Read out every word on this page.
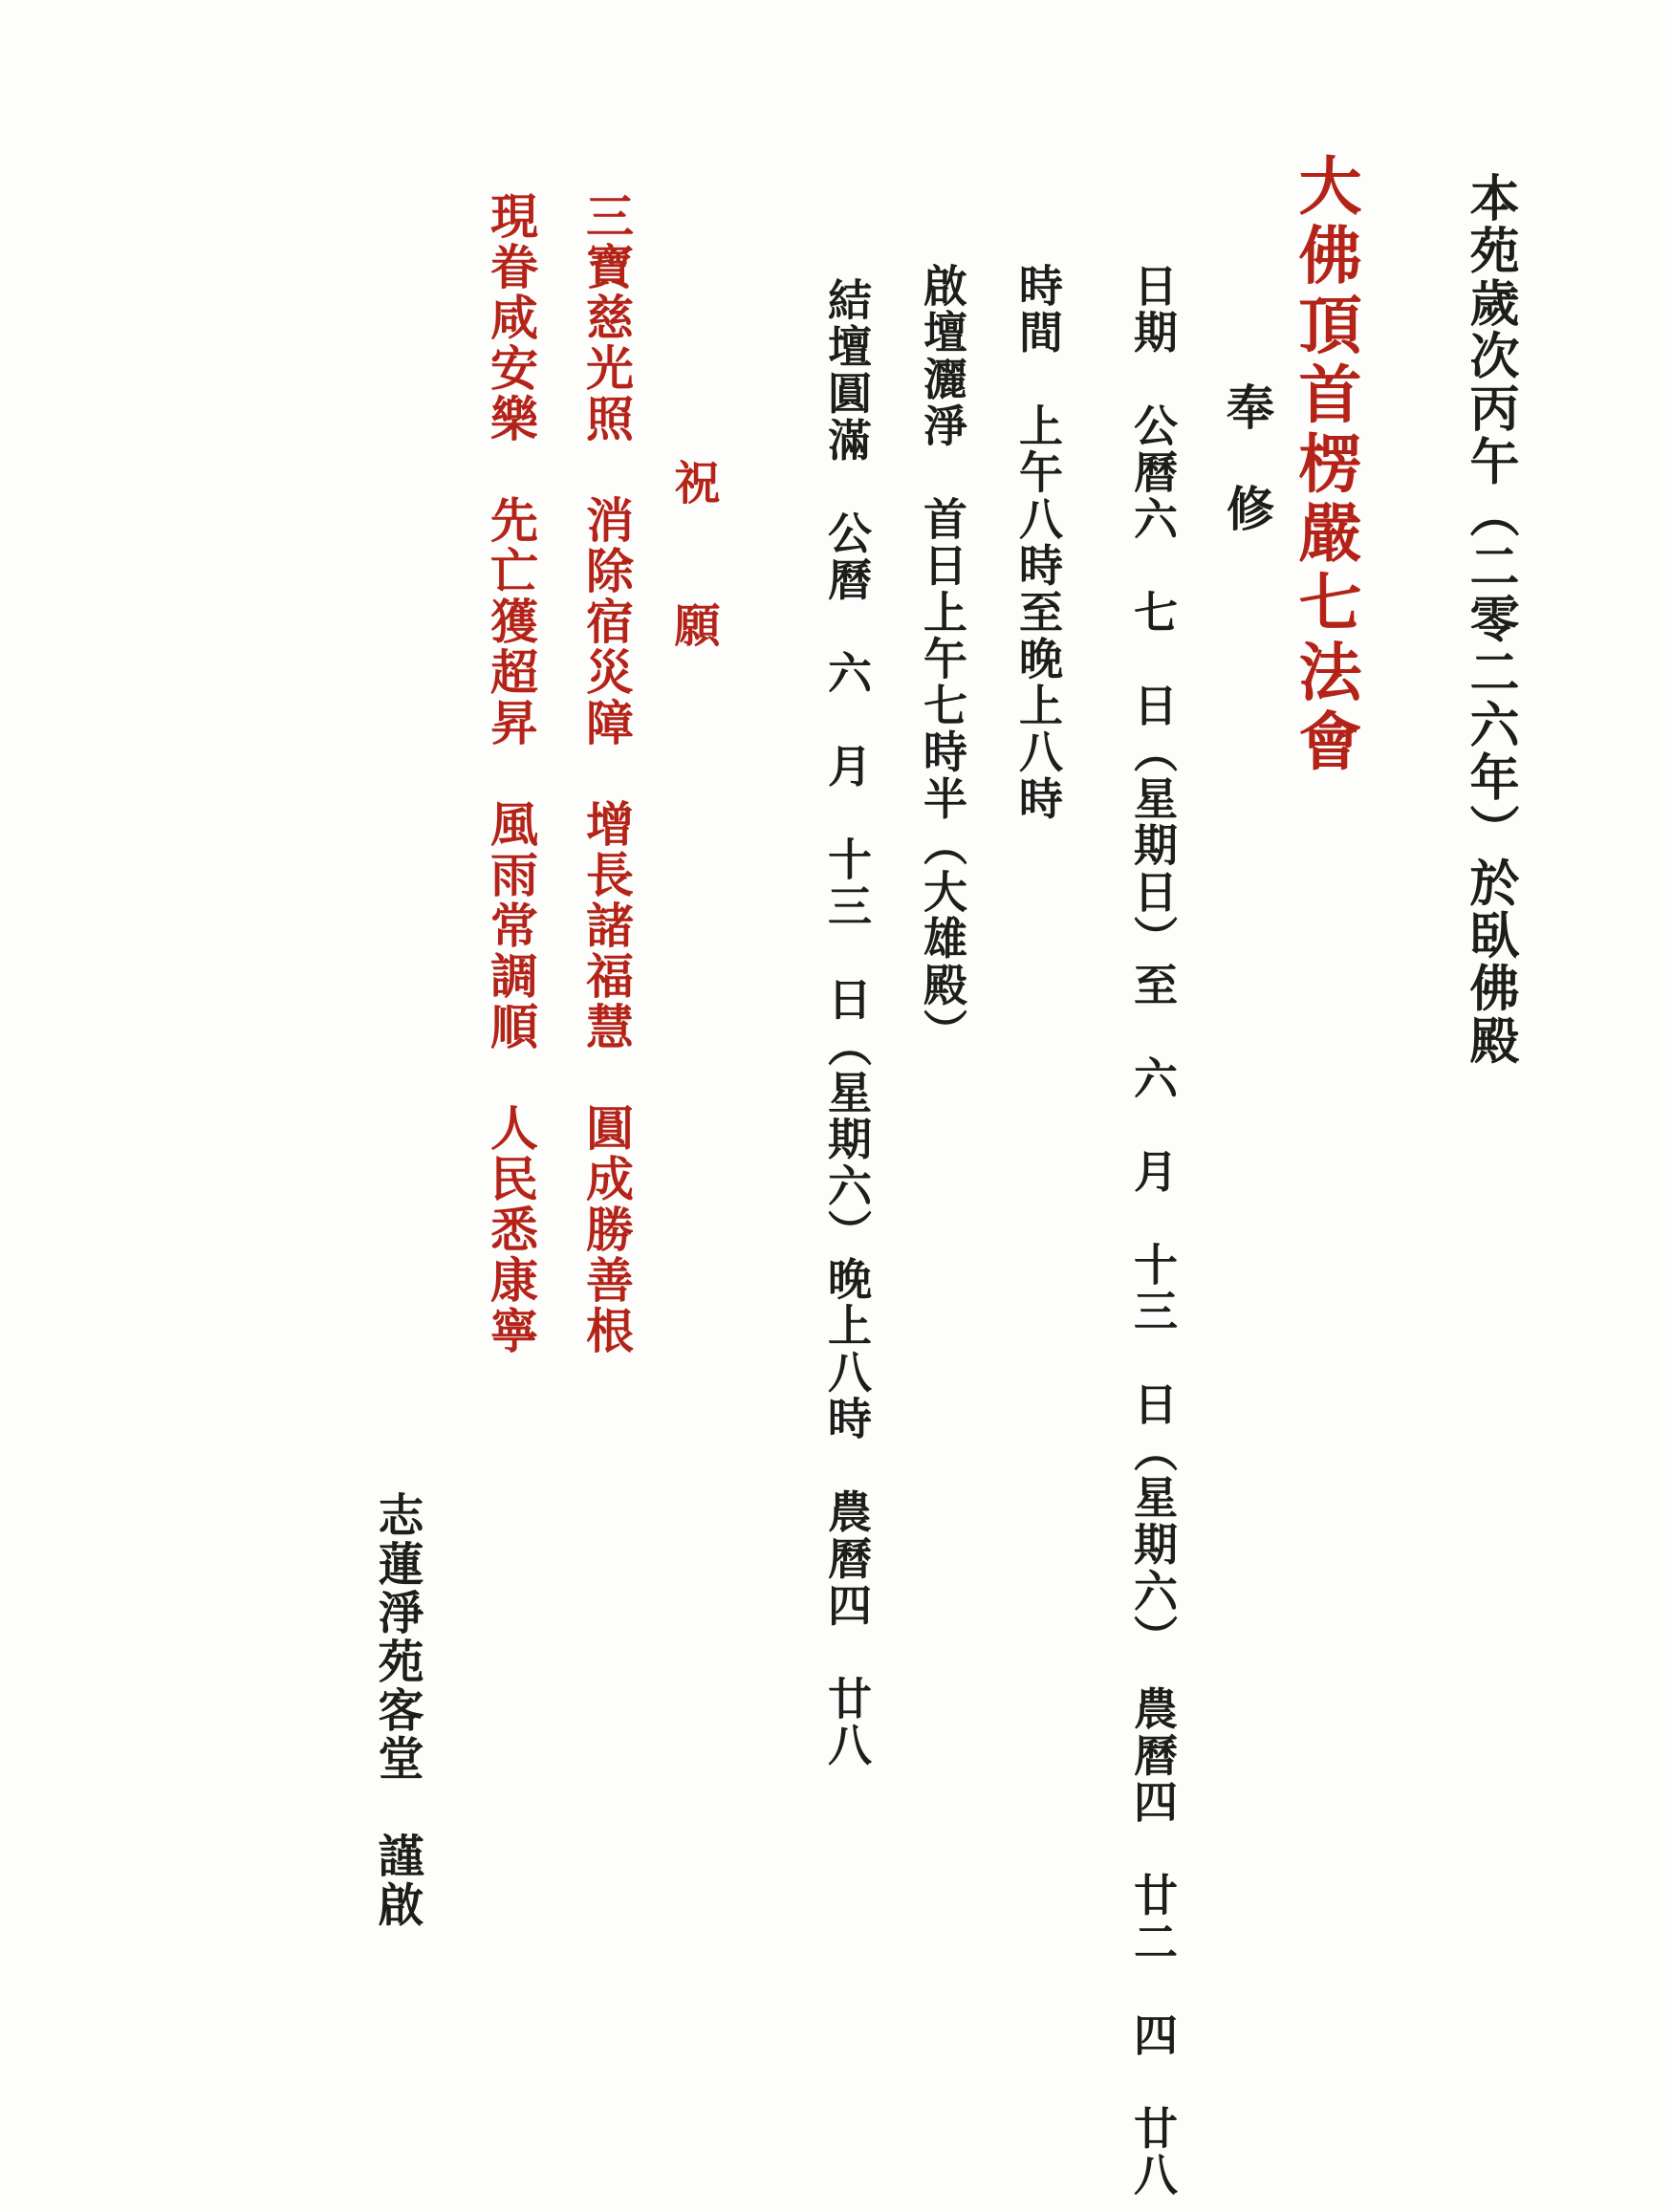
本苑歲次丙午（二零二六年）於臥佛殿
大佛頂首楞嚴七法會
奉　修
日期　公曆六　七　日（星期日）至　六　月　十三　日（星期六）　農曆四　廿二　四　廿八
時間　上午八時至晚上八時
啟壇灑淨　首日上午七時半（大雄殿）
結壇圓滿　公曆　六　月　十三　日（星期六）晚上八時　農曆四　廿八
祝　願
三寶慈光照　消除宿災障　增長諸福慧　圓成勝善根
現眷咸安樂　先亡獲超昇　風雨常調順　人民悉康寧
志蓮淨苑客堂　謹啟
